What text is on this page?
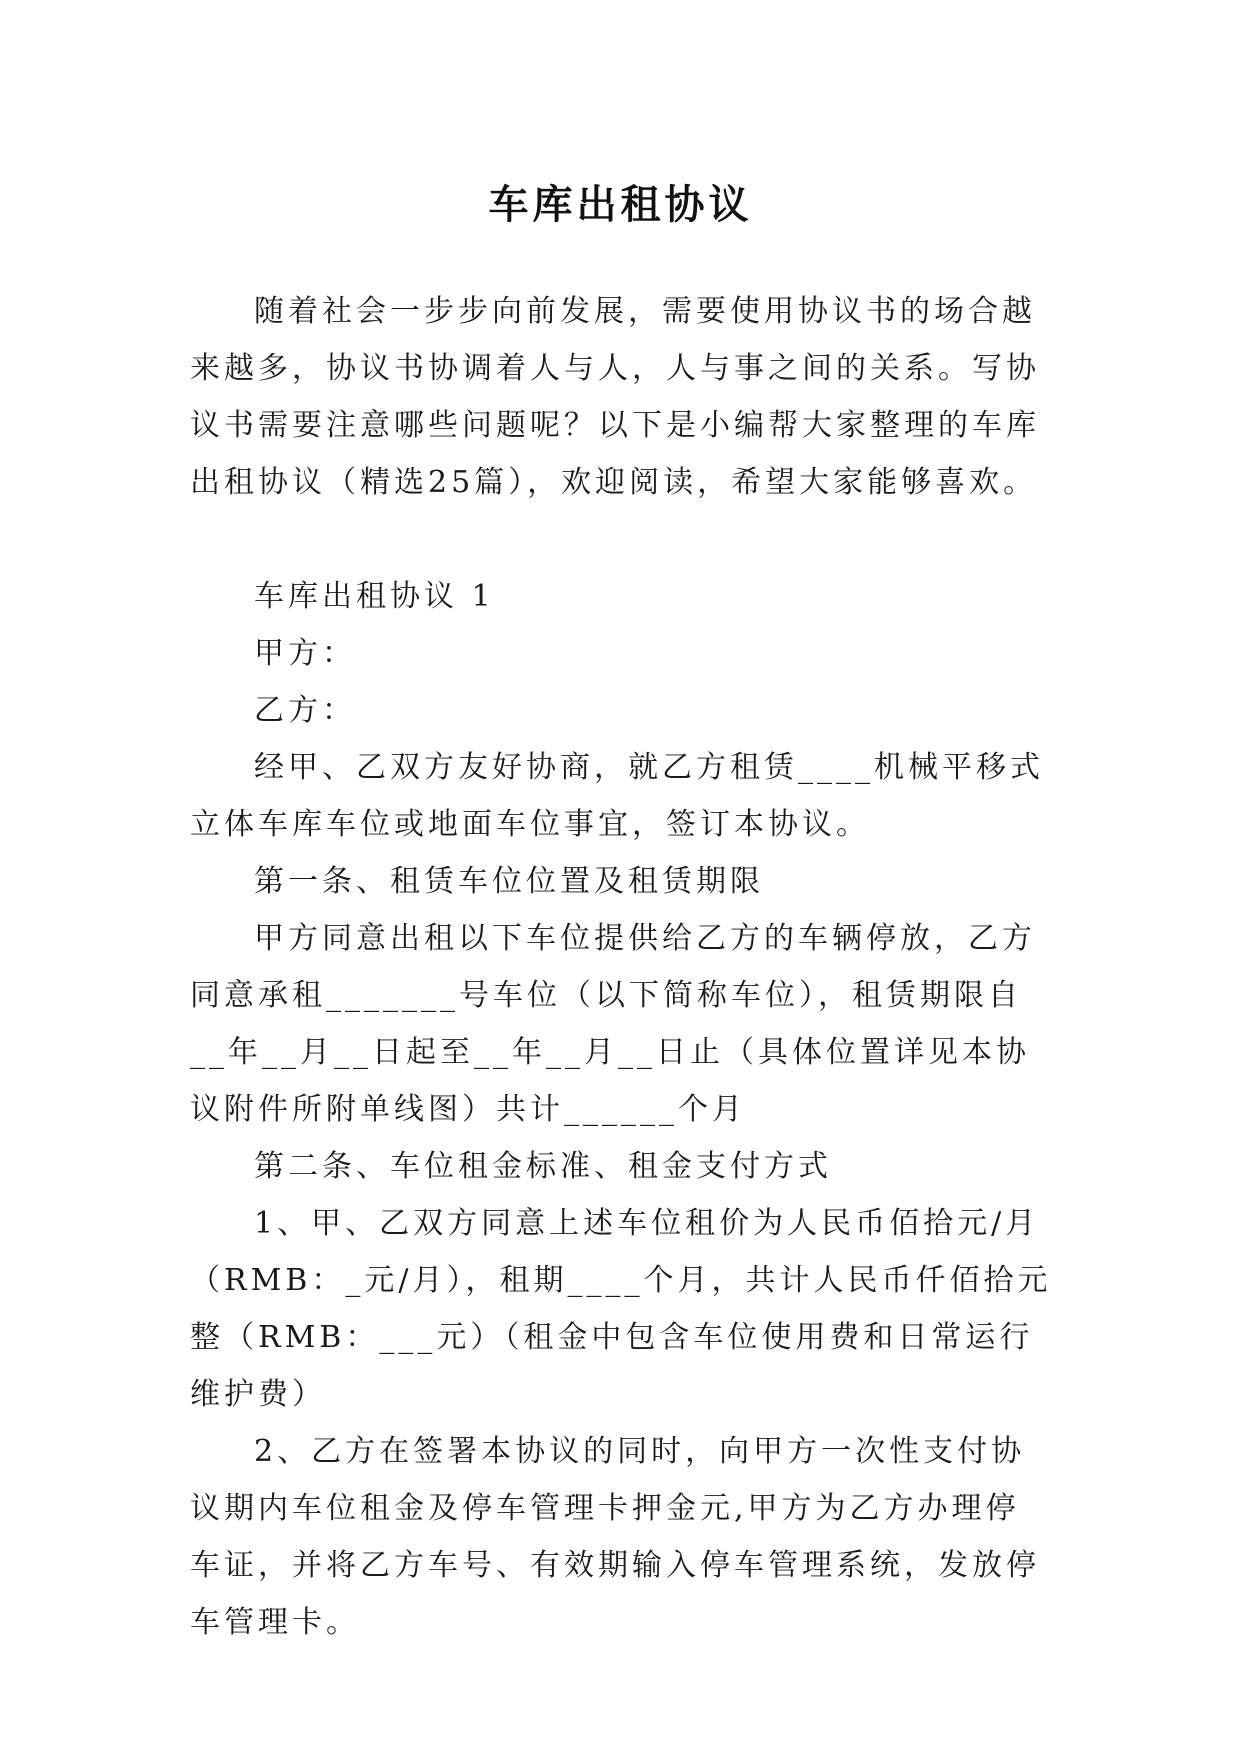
车库出租协议

随着社会一步步向前发展，需要使用协议书的场合越来越多，协议书协调着人与人，人与事之间的关系。写协议书需要注意哪些问题呢？以下是小编帮大家整理的车库出租协议（精选25篇），欢迎阅读，希望大家能够喜欢。

车库出租协议 1

甲方：

乙方：

经甲、乙双方友好协商，就乙方租赁____机械平移式立体车库车位或地面车位事宜，签订本协议。

第一条、租赁车位位置及租赁期限

甲方同意出租以下车位提供给乙方的车辆停放，乙方同意承租_______号车位（以下简称车位），租赁期限自__年__月__日起至__年__月__日止（具体位置详见本协议附件所附单线图）共计______个月

第二条、车位租金标准、租金支付方式

1、甲、乙双方同意上述车位租价为人民币佰拾元/月（RMB：_元/月），租期____个月，共计人民币仟佰拾元整（RMB：___元）（租金中包含车位使用费和日常运行维护费）

2、乙方在签署本协议的同时，向甲方一次性支付协议期内车位租金及停车管理卡押金元,甲方为乙方办理停车证，并将乙方车号、有效期输入停车管理系统，发放停车管理卡。
